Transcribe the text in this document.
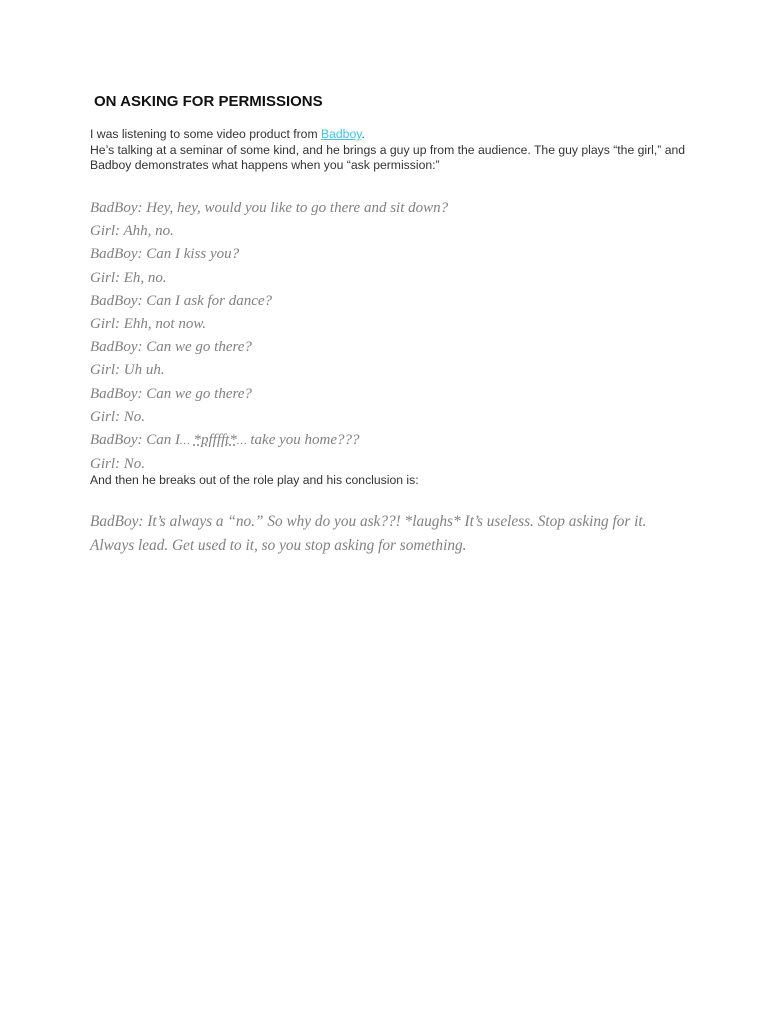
ON ASKING FOR PERMISSIONS

I was listening to some video product from Badboy.

He’s talking at a seminar of some kind, and he brings a guy up from the audience. The guy plays “the girl,” and Badboy demonstrates what happens when you “ask permission:”

BadBoy: Hey, hey, would you like to go there and sit down?
Girl: Ahh, no.
BadBoy: Can I kiss you?
Girl: Eh, no.
BadBoy: Can I ask for dance?
Girl: Ehh, not now.
BadBoy: Can we go there?
Girl: Uh uh.
BadBoy: Can we go there?
Girl: No.
BadBoy: Can I… *pfffft*… take you home???
Girl: No.

And then he breaks out of the role play and his conclusion is:

BadBoy: It’s always a “no.” So why do you ask??! *laughs* It’s useless. Stop asking for it. Always lead. Get used to it, so you stop asking for something.
